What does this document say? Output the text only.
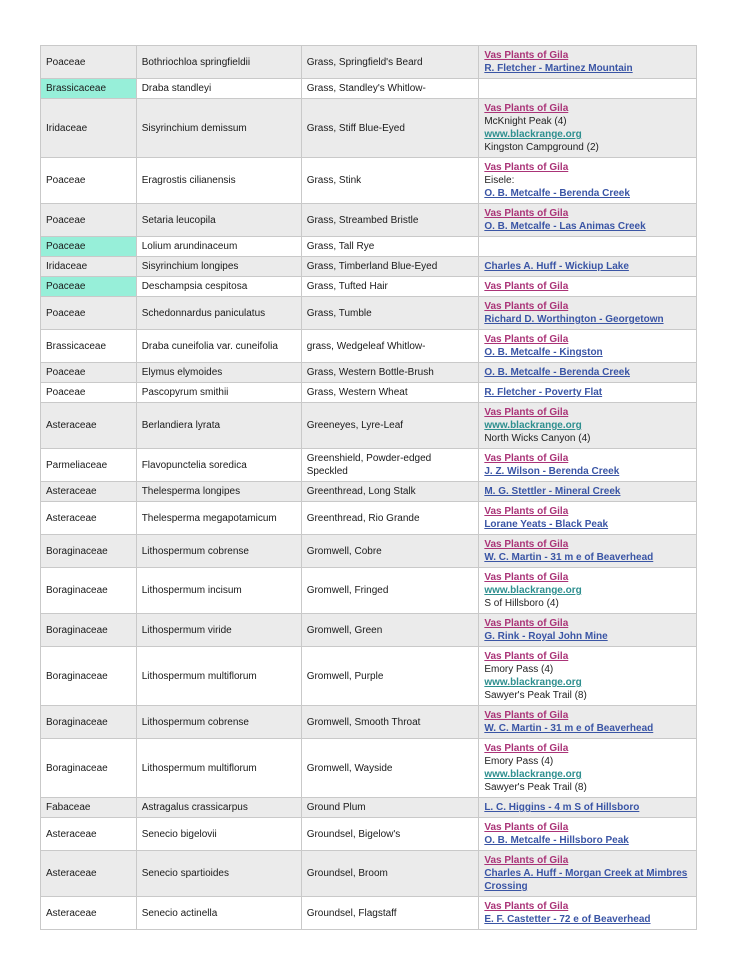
Poaceae	Bothriochloa springfieldii	Grass, Springfield's Beard	Vas Plants of Gila
R. Fletcher - Martinez Mountain
Brassicaceae	Draba standleyi	Grass, Standley's Whitlow-	
Iridaceae	Sisyrinchium demissum	Grass, Stiff Blue-Eyed	Vas Plants of Gila
McKnight Peak (4)
www.blackrange.org
Kingston Campground (2)
Poaceae	Eragrostis cilianensis	Grass, Stink	Vas Plants of Gila
Eisele:
O. B. Metcalfe - Berenda Creek
Poaceae	Setaria leucopila	Grass, Streambed Bristle	Vas Plants of Gila
O. B. Metcalfe - Las Animas Creek
Poaceae	Lolium arundinaceum	Grass, Tall Rye	
Iridaceae	Sisyrinchium longipes	Grass, Timberland Blue-Eyed	Charles A. Huff - Wickiup Lake
Poaceae	Deschampsia cespitosa	Grass, Tufted Hair	Vas Plants of Gila
Poaceae	Schedonnardus paniculatus	Grass, Tumble	Vas Plants of Gila
Richard D. Worthington - Georgetown
Brassicaceae	Draba cuneifolia var. cuneifolia	grass, Wedgeleaf Whitlow-	Vas Plants of Gila
O. B. Metcalfe - Kingston
Poaceae	Elymus elymoides	Grass, Western Bottle-Brush	O. B. Metcalfe - Berenda Creek
Poaceae	Pascopyrum smithii	Grass, Western Wheat	R. Fletcher - Poverty Flat
Asteraceae	Berlandiera lyrata	Greeneyes, Lyre-Leaf	Vas Plants of Gila
www.blackrange.org
North Wicks Canyon (4)
Parmeliaceae	Flavopunctelia soredica	Greenshield, Powder-edged Speckled	Vas Plants of Gila
J. Z. Wilson - Berenda Creek
Asteraceae	Thelesperma longipes	Greenthread, Long Stalk	M. G. Stettler - Mineral Creek
Asteraceae	Thelesperma megapotamicum	Greenthread, Rio Grande	Vas Plants of Gila
Lorane Yeats - Black Peak
Boraginaceae	Lithospermum cobrense	Gromwell, Cobre	Vas Plants of Gila
W. C. Martin - 31 m e of Beaverhead
Boraginaceae	Lithospermum incisum	Gromwell, Fringed	Vas Plants of Gila
www.blackrange.org
S of Hillsboro (4)
Boraginaceae	Lithospermum viride	Gromwell, Green	Vas Plants of Gila
G. Rink - Royal John Mine
Boraginaceae	Lithospermum multiflorum	Gromwell, Purple	Vas Plants of Gila
Emory Pass (4)
www.blackrange.org
Sawyer's Peak Trail (8)
Boraginaceae	Lithospermum cobrense	Gromwell, Smooth Throat	Vas Plants of Gila
W. C. Martin - 31 m e of Beaverhead
Boraginaceae	Lithospermum multiflorum	Gromwell, Wayside	Vas Plants of Gila
Emory Pass (4)
www.blackrange.org
Sawyer's Peak Trail (8)
Fabaceae	Astragalus crassicarpus	Ground Plum	L. C. Higgins - 4 m S of Hillsboro
Asteraceae	Senecio bigelovii	Groundsel, Bigelow's	Vas Plants of Gila
O. B. Metcalfe - Hillsboro Peak
Asteraceae	Senecio spartioides	Groundsel, Broom	Vas Plants of Gila
Charles A. Huff - Morgan Creek at Mimbres Crossing
Asteraceae	Senecio actinella	Groundsel, Flagstaff	Vas Plants of Gila
E. F. Castetter - 72 e of Beaverhead
